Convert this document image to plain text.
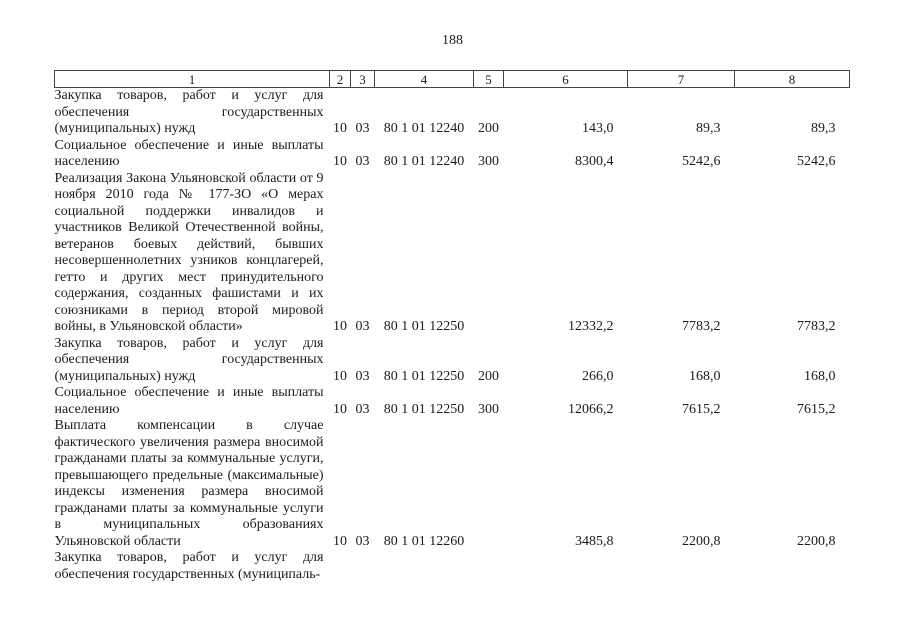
188
1	2	3	4	5	6	7	8
Закупка товаров, работ и услуг для обеспечения государственных (муниципальных) нужд	10	03	80 1 01 12240	200	143,0	89,3	89,3
Социальное обеспечение и иные выплаты населению	10	03	80 1 01 12240	300	8300,4	5242,6	5242,6
Реализация Закона Ульяновской области от 9 ноября 2010 года № 177-ЗО «О мерах социальной поддержки инвалидов и участников Великой Отечественной войны, ветеранов боевых действий, бывших несовершеннолетних узников концлагерей, гетто и других мест принудительного содержания, созданных фашистами и их союзниками в период второй мировой войны, в Ульяновской области»	10	03	80 1 01 12250		12332,2	7783,2	7783,2
Закупка товаров, работ и услуг для обеспечения государственных (муниципальных) нужд	10	03	80 1 01 12250	200	266,0	168,0	168,0
Социальное обеспечение и иные выплаты населению	10	03	80 1 01 12250	300	12066,2	7615,2	7615,2
Выплата компенсации в случае фактического увеличения размера вносимой гражданами платы за коммунальные услуги, превышающего предельные (максимальные) индексы изменения размера вносимой гражданами платы за коммунальные услуги в муниципальных образованиях Ульяновской области	10	03	80 1 01 12260		3485,8	2200,8	2200,8
Закупка товаров, работ и услуг для обеспечения государственных (муниципаль-							
